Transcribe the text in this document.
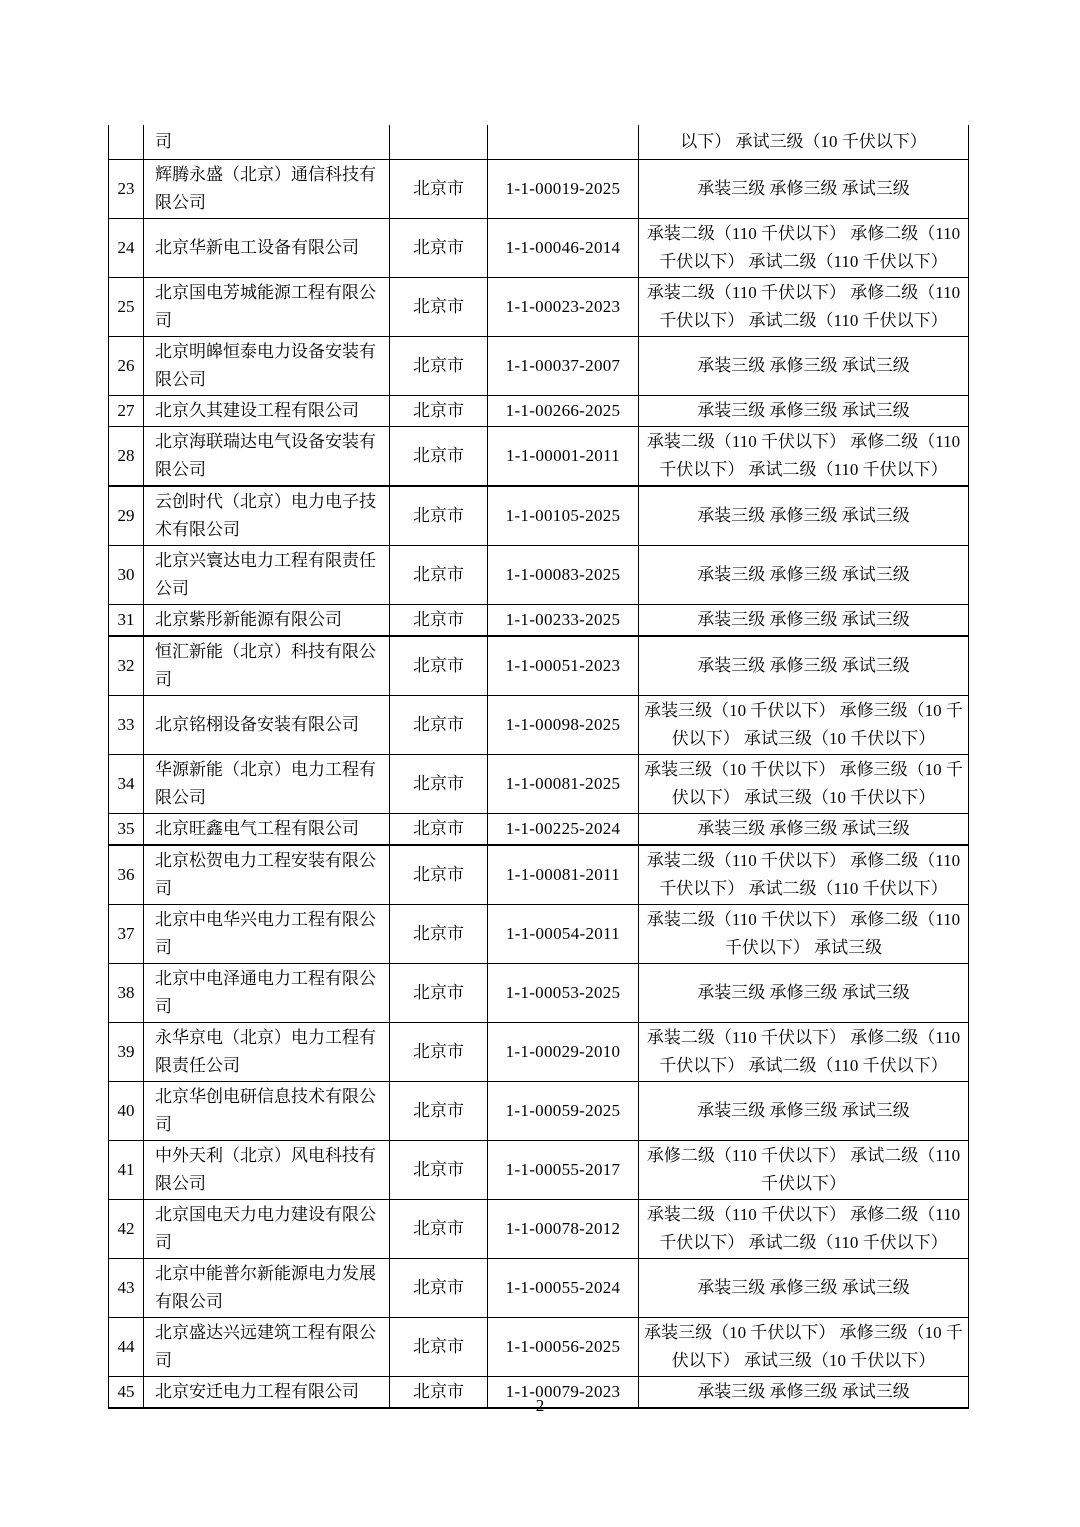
	司			以下） 承试三级（10 千伏以下）
23	辉腾永盛（北京）通信科技有限公司	北京市	1-1-00019-2025	承装三级 承修三级 承试三级
24	北京华新电工设备有限公司	北京市	1-1-00046-2014	承装二级（110 千伏以下） 承修二级（110 千伏以下） 承试二级（110 千伏以下）
25	北京国电芳城能源工程有限公司	北京市	1-1-00023-2023	承装二级（110 千伏以下） 承修二级（110 千伏以下） 承试二级（110 千伏以下）
26	北京明皞恒泰电力设备安装有限公司	北京市	1-1-00037-2007	承装三级 承修三级 承试三级
27	北京久其建设工程有限公司	北京市	1-1-00266-2025	承装三级 承修三级 承试三级
28	北京海联瑞达电气设备安装有限公司	北京市	1-1-00001-2011	承装二级（110 千伏以下） 承修二级（110 千伏以下） 承试二级（110 千伏以下）
29	云创时代（北京）电力电子技术有限公司	北京市	1-1-00105-2025	承装三级 承修三级 承试三级
30	北京兴寰达电力工程有限责任公司	北京市	1-1-00083-2025	承装三级 承修三级 承试三级
31	北京紫彤新能源有限公司	北京市	1-1-00233-2025	承装三级 承修三级 承试三级
32	恒汇新能（北京）科技有限公司	北京市	1-1-00051-2023	承装三级 承修三级 承试三级
33	北京铭栩设备安装有限公司	北京市	1-1-00098-2025	承装三级（10 千伏以下） 承修三级（10 千伏以下） 承试三级（10 千伏以下）
34	华源新能（北京）电力工程有限公司	北京市	1-1-00081-2025	承装三级（10 千伏以下） 承修三级（10 千伏以下） 承试三级（10 千伏以下）
35	北京旺鑫电气工程有限公司	北京市	1-1-00225-2024	承装三级 承修三级 承试三级
36	北京松贺电力工程安装有限公司	北京市	1-1-00081-2011	承装二级（110 千伏以下） 承修二级（110 千伏以下） 承试二级（110 千伏以下）
37	北京中电华兴电力工程有限公司	北京市	1-1-00054-2011	承装二级（110 千伏以下） 承修二级（110 千伏以下） 承试三级
38	北京中电泽通电力工程有限公司	北京市	1-1-00053-2025	承装三级 承修三级 承试三级
39	永华京电（北京）电力工程有限责任公司	北京市	1-1-00029-2010	承装二级（110 千伏以下） 承修二级（110 千伏以下） 承试二级（110 千伏以下）
40	北京华创电研信息技术有限公司	北京市	1-1-00059-2025	承装三级 承修三级 承试三级
41	中外天利（北京）风电科技有限公司	北京市	1-1-00055-2017	承修二级（110 千伏以下） 承试二级（110 千伏以下）
42	北京国电天力电力建设有限公司	北京市	1-1-00078-2012	承装二级（110 千伏以下） 承修二级（110 千伏以下） 承试二级（110 千伏以下）
43	北京中能普尔新能源电力发展有限公司	北京市	1-1-00055-2024	承装三级 承修三级 承试三级
44	北京盛达兴远建筑工程有限公司	北京市	1-1-00056-2025	承装三级（10 千伏以下） 承修三级（10 千伏以下） 承试三级（10 千伏以下）
45	北京安迁电力工程有限公司	北京市	1-1-00079-2023	承装三级 承修三级 承试三级
2
